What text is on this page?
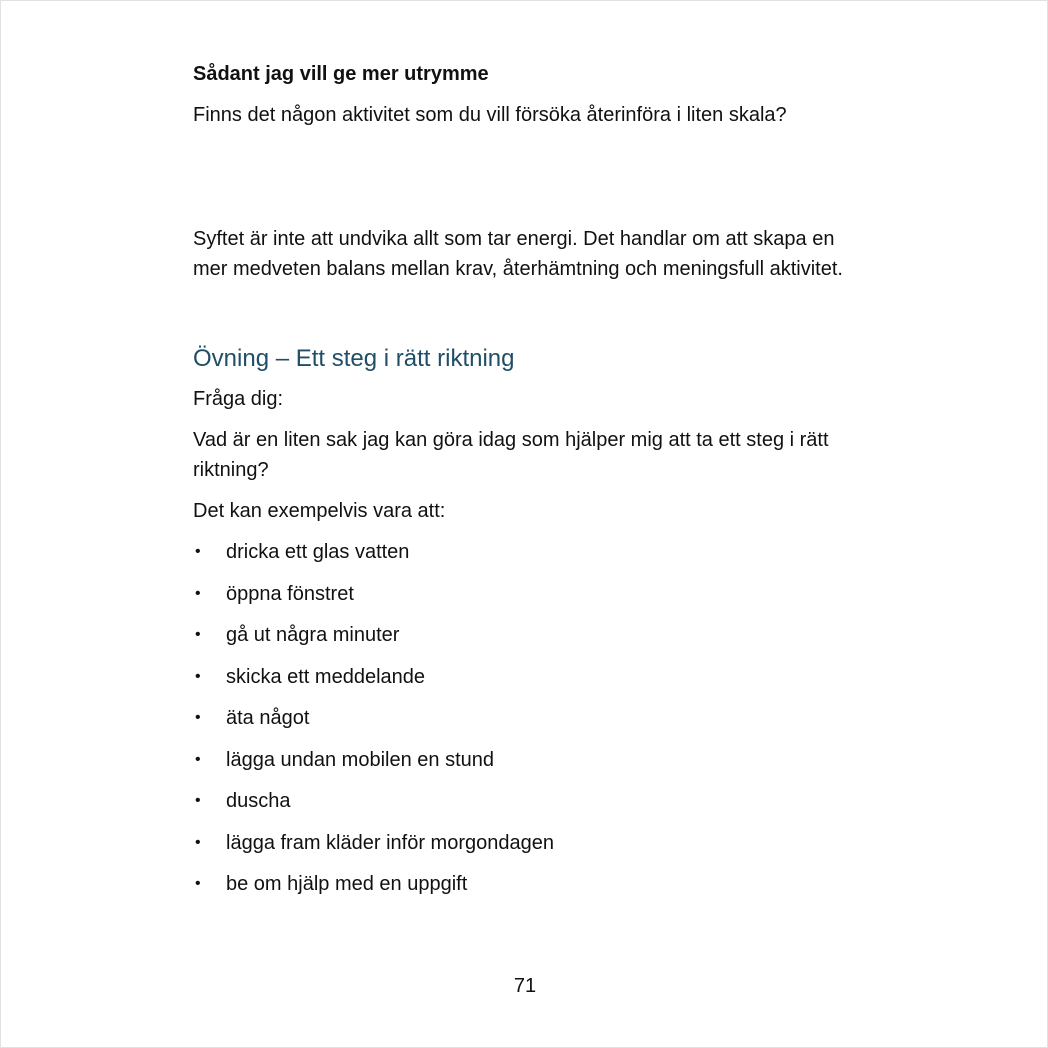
Sådant jag vill ge mer utrymme

Finns det någon aktivitet som du vill försöka återinföra i liten skala?

Syftet är inte att undvika allt som tar energi. Det handlar om att skapa en mer medveten balans mellan krav, återhämtning och meningsfull aktivitet.

Övning – Ett steg i rätt riktning

Fråga dig:

Vad är en liten sak jag kan göra idag som hjälper mig att ta ett steg i rätt riktning?

Det kan exempelvis vara att:

• dricka ett glas vatten
• öppna fönstret
• gå ut några minuter
• skicka ett meddelande
• äta något
• lägga undan mobilen en stund
• duscha
• lägga fram kläder inför morgondagen
• be om hjälp med en uppgift
71
